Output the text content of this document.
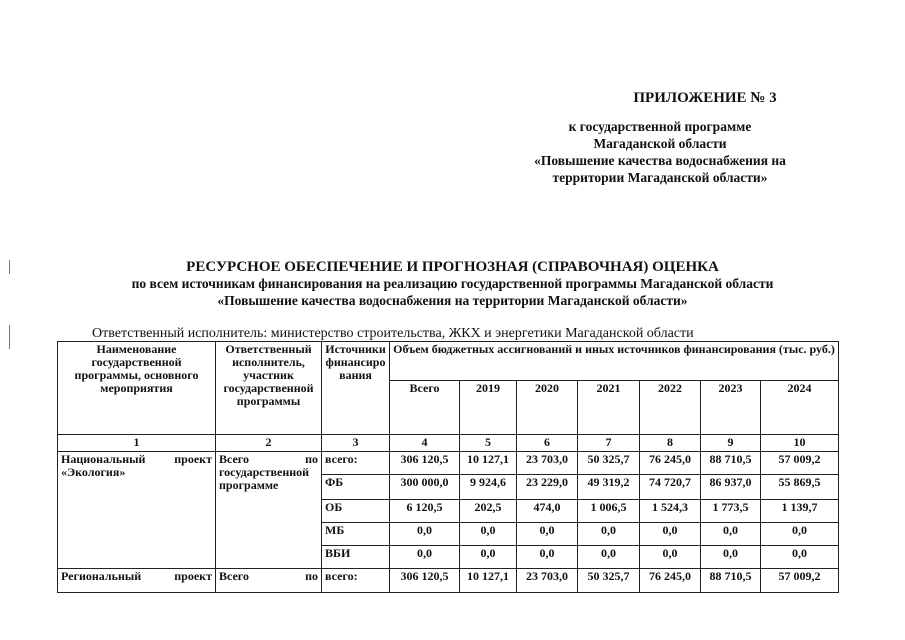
ПРИЛОЖЕНИЕ № 3
к государственной программе
Магаданской области
«Повышение качества водоснабжения на
территории Магаданской области»
РЕСУРСНОЕ ОБЕСПЕЧЕНИЕ И ПРОГНОЗНАЯ (СПРАВОЧНАЯ) ОЦЕНКА
по всем источникам финансирования на реализацию государственной программы Магаданской области
«Повышение качества водоснабжения на территории Магаданской области»
Ответственный исполнитель: министерство строительства, ЖКХ и энергетики Магаданской области
Наименование государственной программы, основного мероприятия	Ответственный исполнитель, участник государственной программы	Источники финансиро вания	Объем бюджетных ассигнований и иных источников финансирования (тыс. руб.)						
			Всего	2019	2020	2021	2022	2023	2024
1	2	3	4	5	6	7	8	9	10
Национальный проект «Экология»	Всего по государственной программе	всего:	306 120,5	10 127,1	23 703,0	50 325,7	76 245,0	88 710,5	57 009,2
		ФБ	300 000,0	9 924,6	23 229,0	49 319,2	74 720,7	86 937,0	55 869,5
		ОБ	6 120,5	202,5	474,0	1 006,5	1 524,3	1 773,5	1 139,7
		МБ	0,0	0,0	0,0	0,0	0,0	0,0	0,0
		ВБИ	0,0	0,0	0,0	0,0	0,0	0,0	0,0
Региональный проект	Всего по	всего:	306 120,5	10 127,1	23 703,0	50 325,7	76 245,0	88 710,5	57 009,2
